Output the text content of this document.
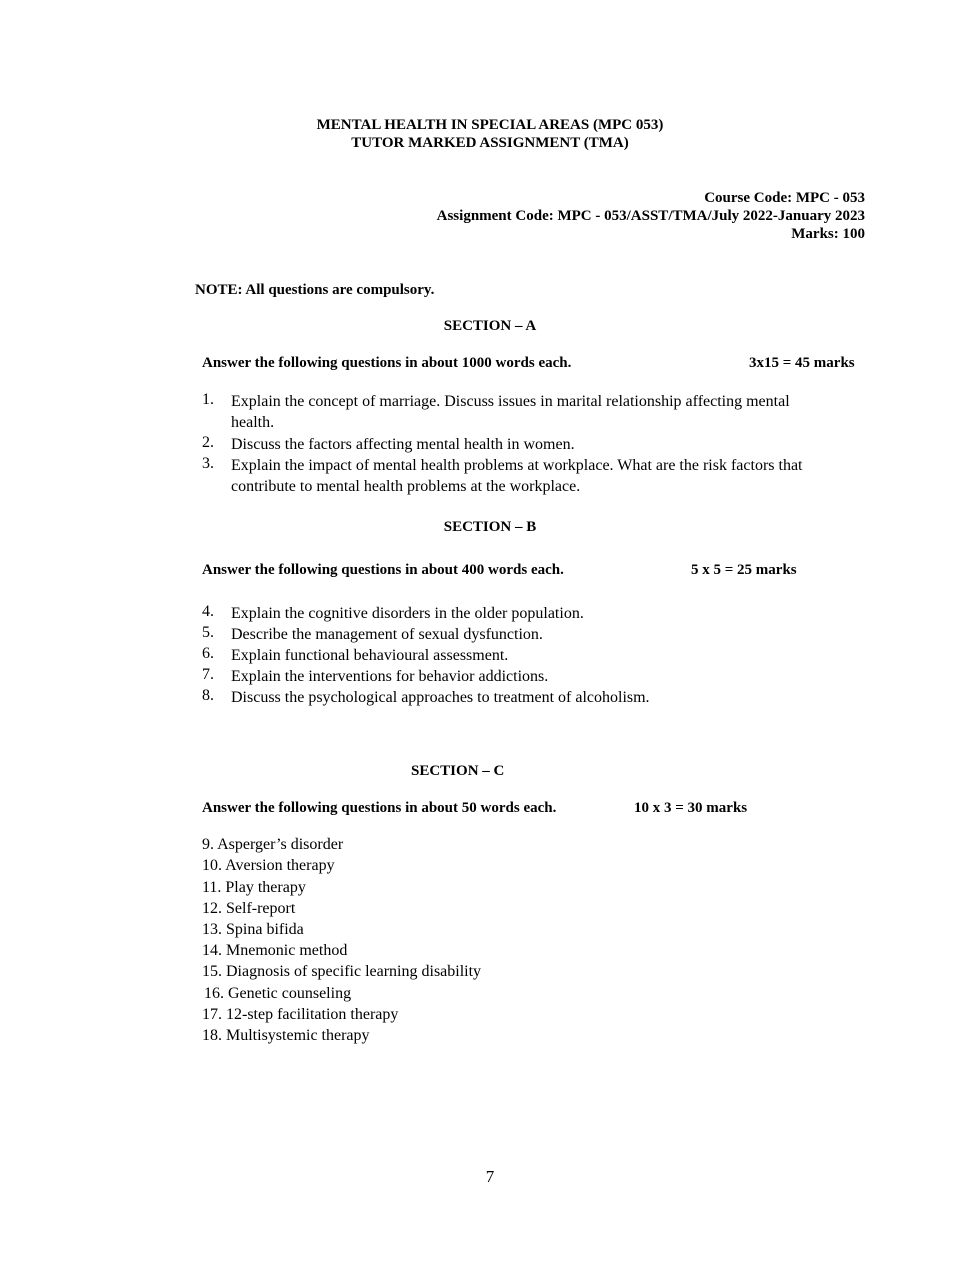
MENTAL HEALTH IN SPECIAL AREAS (MPC 053)
TUTOR MARKED ASSIGNMENT (TMA)
Course Code: MPC - 053
Assignment Code: MPC - 053/ASST/TMA/July 2022-January 2023
Marks: 100
NOTE: All questions are compulsory.
SECTION – A
Answer the following questions in about 1000 words each.	3x15 = 45 marks
1. Explain the concept of marriage. Discuss issues in marital relationship affecting mental health.
2. Discuss the factors affecting mental health in women.
3. Explain the impact of mental health problems at workplace. What are the risk factors that contribute to mental health problems at the workplace.
SECTION – B
Answer the following questions in about 400 words each.	5 x 5 = 25 marks
4. Explain the cognitive disorders in the older population.
5. Describe the management of sexual dysfunction.
6. Explain functional behavioural assessment.
7. Explain the interventions for behavior addictions.
8. Discuss the psychological approaches to treatment of alcoholism.
SECTION – C
Answer the following questions in about 50 words each.	10 x 3 = 30 marks
9. Asperger’s disorder
10. Aversion therapy
11. Play therapy
12. Self-report
13. Spina bifida
14. Mnemonic method
15. Diagnosis of specific learning disability
16. Genetic counseling
17. 12-step facilitation therapy
18. Multisystemic therapy
7
